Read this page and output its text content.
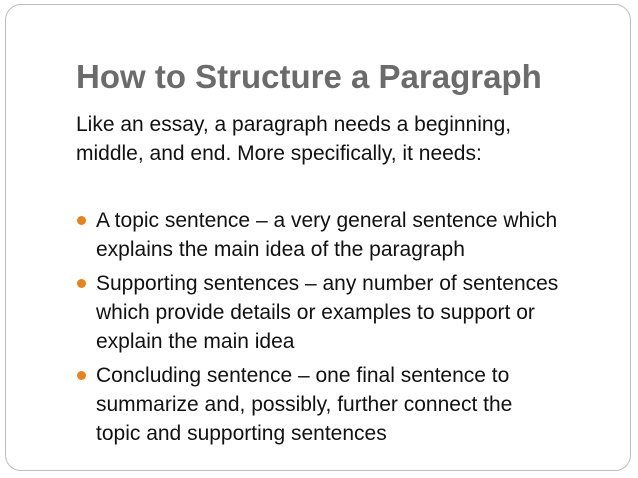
How to Structure a Paragraph
Like an essay, a paragraph needs a beginning,
middle, and end. More specifically, it needs:
A topic sentence – a very general sentence which
explains the main idea of the paragraph
Supporting sentences – any number of sentences
which provide details or examples to support or
explain the main idea
Concluding sentence – one final sentence to
summarize and, possibly, further connect the
topic and supporting sentences
